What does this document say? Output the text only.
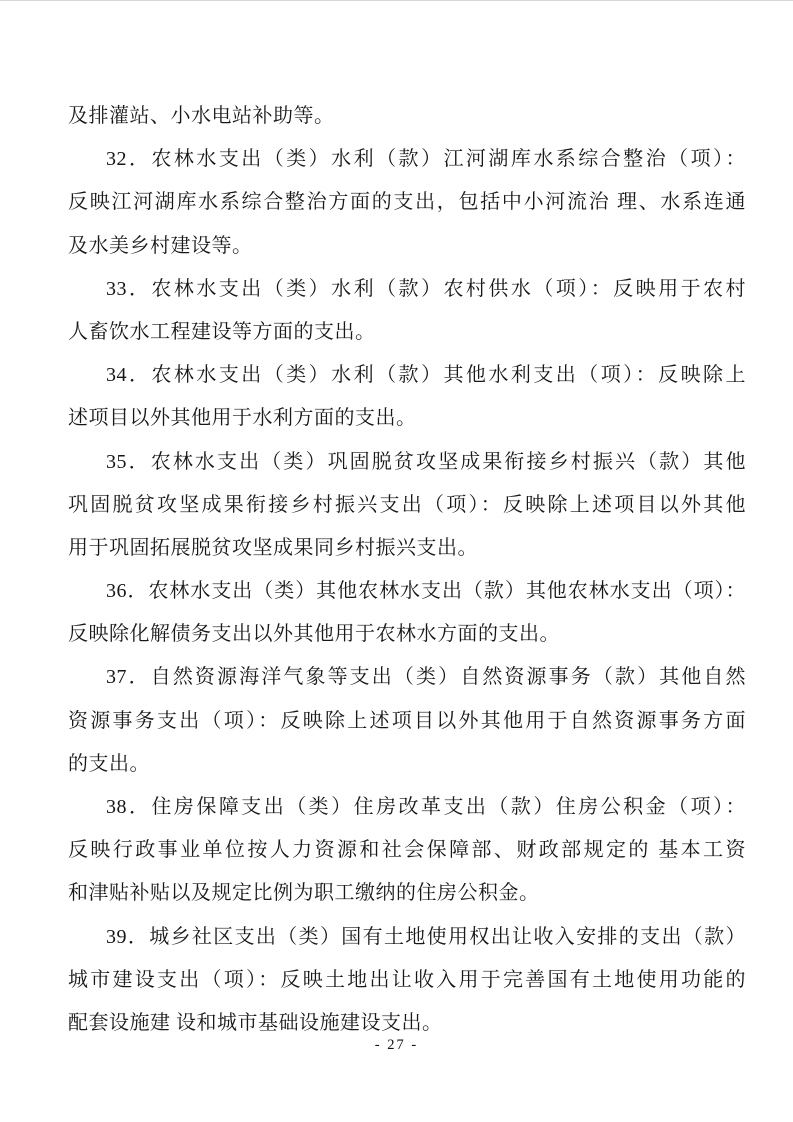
及排灌站、小水电站补助等。
32．农林水支出（类）水利（款）江河湖库水系综合整治（项）：
反映江河湖库水系综合整治方面的支出，包括中小河流治 理、水系连通
及水美乡村建设等。
33．农林水支出（类）水利（款）农村供水（项）：反映用于农村
人畜饮水工程建设等方面的支出。
34．农林水支出（类）水利（款）其他水利支出（项）：反映除上
述项目以外其他用于水利方面的支出。
35．农林水支出（类）巩固脱贫攻坚成果衔接乡村振兴（款）其他
巩固脱贫攻坚成果衔接乡村振兴支出（项）：反映除上述项目以外其他
用于巩固拓展脱贫攻坚成果同乡村振兴支出。
36．农林水支出（类）其他农林水支出（款）其他农林水支出（项）：
反映除化解债务支出以外其他用于农林水方面的支出。
37．自然资源海洋气象等支出（类）自然资源事务（款）其他自然
资源事务支出（项）：反映除上述项目以外其他用于自然资源事务方面
的支出。
38．住房保障支出（类）住房改革支出（款）住房公积金（项）：
反映行政事业单位按人力资源和社会保障部、财政部规定的 基本工资
和津贴补贴以及规定比例为职工缴纳的住房公积金。
39．城乡社区支出（类）国有土地使用权出让收入安排的支出（款）
城市建设支出（项）：反映土地出让收入用于完善国有土地使用功能的
配套设施建 设和城市基础设施建设支出。
- 27 -
